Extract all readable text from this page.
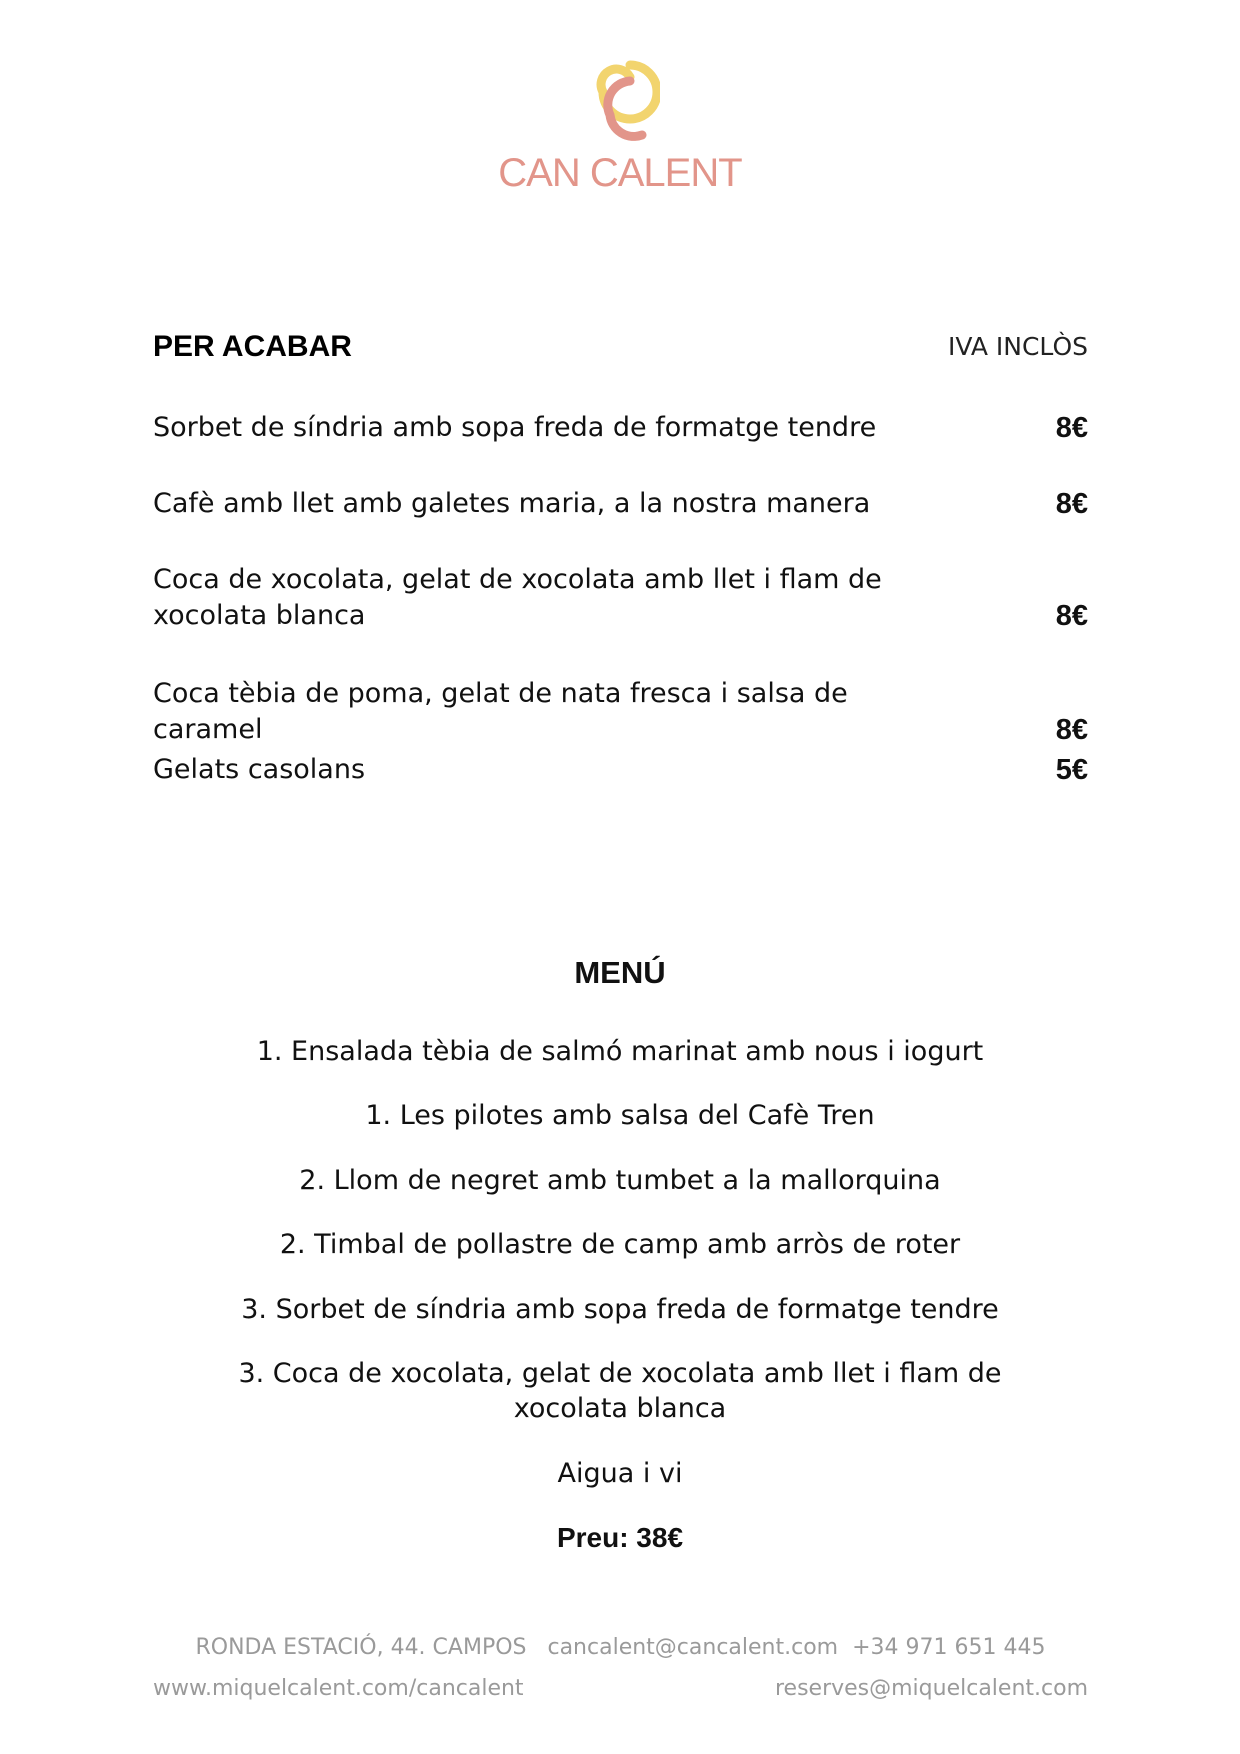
CAN CALENT
PER ACABAR	IVA INCLÒS
Sorbet de síndria amb sopa freda de formatge tendre	8€
Cafè amb llet amb galetes maria, a la nostra manera	8€
Coca de xocolata, gelat de xocolata amb llet i flam de xocolata blanca	8€
Coca tèbia de poma, gelat de nata fresca i salsa de caramel	8€
Gelats casolans	5€
MENÚ
1. Ensalada tèbia de salmó marinat amb nous i iogurt
1. Les pilotes amb salsa del Cafè Tren
2. Llom de negret amb tumbet a la mallorquina
2. Timbal de pollastre de camp amb arròs de roter
3. Sorbet de síndria amb sopa freda de formatge tendre
3. Coca de xocolata, gelat de xocolata amb llet i flam de xocolata blanca
Aigua i vi
Preu: 38€
RONDA ESTACIÓ, 44. CAMPOS cancalent@cancalent.com +34 971 651 445
www.miquelcalent.com/cancalent	reserves@miquelcalent.com
